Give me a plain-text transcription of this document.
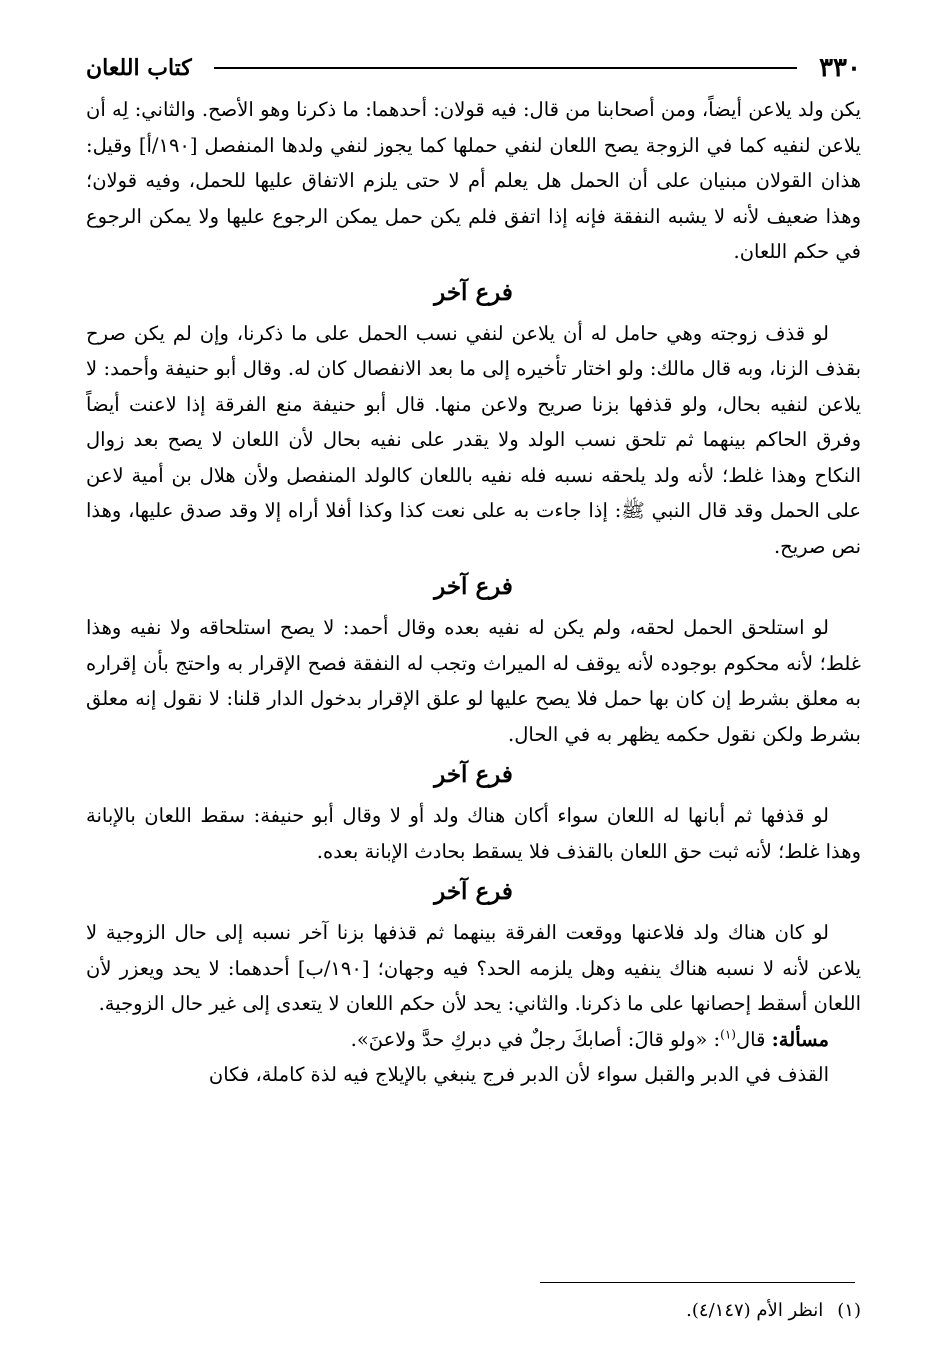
٣٣٠
كتاب اللعان

يكن ولد يلاعن أيضاً، ومن أصحابنا من قال: فيه قولان: أحدهما: ما ذكرنا وهو الأصح. والثاني: لِه أن يلاعن لنفيه كما في الزوجة يصح اللعان لنفي حملها كما يجوز لنفي ولدها المنفصل [١٩٠/أ] وقيل: هذان القولان مبنيان على أن الحمل هل يعلم أم لا حتى يلزم الاتفاق عليها للحمل، وفيه قولان؛ وهذا ضعيف لأنه لا يشبه النفقة فإنه إذا اتفق فلم يكن حمل يمكن الرجوع عليها ولا يمكن الرجوع في حكم اللعان.

فرع آخر

لو قذف زوجته وهي حامل له أن يلاعن لنفي نسب الحمل على ما ذكرنا، وإن لم يكن صرح بقذف الزنا، وبه قال مالك: ولو اختار تأخيره إلى ما بعد الانفصال كان له. وقال أبو حنيفة وأحمد: لا يلاعن لنفيه بحال، ولو قذفها بزنا صريح ولاعن منها. قال أبو حنيفة منع الفرقة إذا لاعنت أيضاً وفرق الحاكم بينهما ثم تلحق نسب الولد ولا يقدر على نفيه بحال لأن اللعان لا يصح بعد زوال النكاح وهذا غلط؛ لأنه ولد يلحقه نسبه فله نفيه باللعان كالولد المنفصل ولأن هلال بن أمية لاعن على الحمل وقد قال النبي ﷺ: إذا جاءت به على نعت كذا وكذا أفلا أراه إلا وقد صدق عليها، وهذا نص صريح.

فرع آخر

لو استلحق الحمل لحقه، ولم يكن له نفيه بعده وقال أحمد: لا يصح استلحاقه ولا نفيه وهذا غلط؛ لأنه محكوم بوجوده لأنه يوقف له الميراث وتجب له النفقة فصح الإقرار به واحتج بأن إقراره به معلق بشرط إن كان بها حمل فلا يصح عليها لو علق الإقرار بدخول الدار قلنا: لا نقول إنه معلق بشرط ولكن نقول حكمه يظهر به في الحال.

فرع آخر

لو قذفها ثم أبانها له اللعان سواء أكان هناك ولد أو لا وقال أبو حنيفة: سقط اللعان بالإبانة وهذا غلط؛ لأنه ثبت حق اللعان بالقذف فلا يسقط بحادث الإبانة بعده.

فرع آخر

لو كان هناك ولد فلاعنها ووقعت الفرقة بينهما ثم قذفها بزنا آخر نسبه إلى حال الزوجية لا يلاعن لأنه لا نسبه هناك ينفيه وهل يلزمه الحد؟ فيه وجهان؛ [١٩٠/ب] أحدهما: لا يحد ويعزر لأن اللعان أسقط إحصانها على ما ذكرنا. والثاني: يحد لأن حكم اللعان لا يتعدى إلى غير حال الزوجية.

مسألة: قال$^{(١)}$: «ولو قالَ: أصابكَ رجلٌ في دبركِ حدَّ ولاعنَ».

القذف في الدبر والقبل سواء لأن الدبر فرج ينبغي بالإيلاج فيه لذة كاملة، فكان

(١)انظر الأم (٤/١٤٧).
